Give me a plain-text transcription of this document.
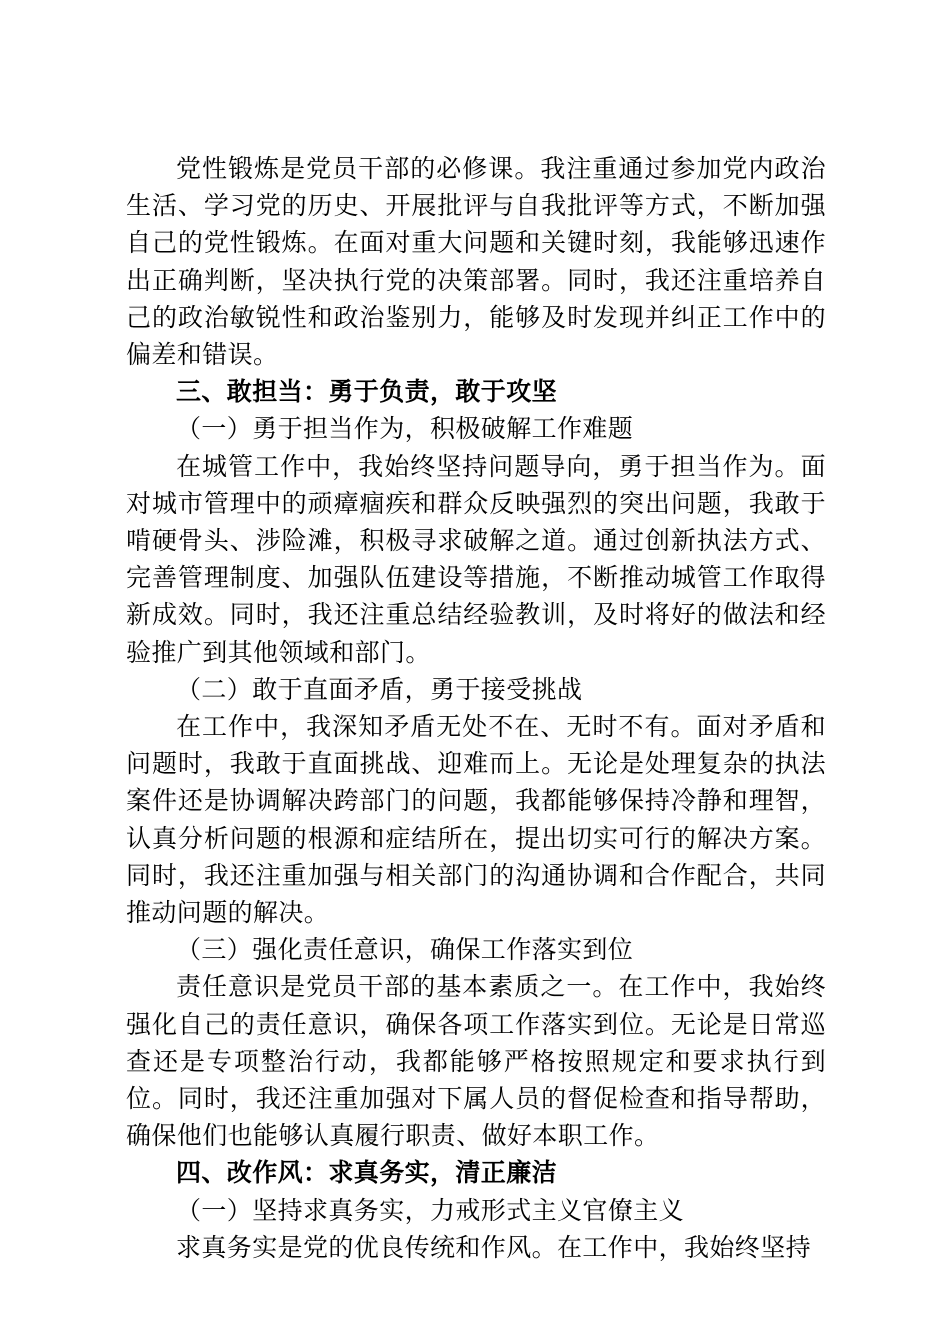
党性锻炼是党员干部的必修课。我注重通过参加党内政治生活、学习党的历史、开展批评与自我批评等方式，不断加强自己的党性锻炼。在面对重大问题和关键时刻，我能够迅速作出正确判断，坚决执行党的决策部署。同时，我还注重培养自己的政治敏锐性和政治鉴别力，能够及时发现并纠正工作中的偏差和错误。

三、敢担当：勇于负责，敢于攻坚

（一）勇于担当作为，积极破解工作难题

在城管工作中，我始终坚持问题导向，勇于担当作为。面对城市管理中的顽瘴痼疾和群众反映强烈的突出问题，我敢于啃硬骨头、涉险滩，积极寻求破解之道。通过创新执法方式、完善管理制度、加强队伍建设等措施，不断推动城管工作取得新成效。同时，我还注重总结经验教训，及时将好的做法和经验推广到其他领域和部门。

（二）敢于直面矛盾，勇于接受挑战

在工作中，我深知矛盾无处不在、无时不有。面对矛盾和问题时，我敢于直面挑战、迎难而上。无论是处理复杂的执法案件还是协调解决跨部门的问题，我都能够保持冷静和理智，认真分析问题的根源和症结所在，提出切实可行的解决方案。同时，我还注重加强与相关部门的沟通协调和合作配合，共同推动问题的解决。

（三）强化责任意识，确保工作落实到位

责任意识是党员干部的基本素质之一。在工作中，我始终强化自己的责任意识，确保各项工作落实到位。无论是日常巡查还是专项整治行动，我都能够严格按照规定和要求执行到位。同时，我还注重加强对下属人员的督促检查和指导帮助，确保他们也能够认真履行职责、做好本职工作。

四、改作风：求真务实，清正廉洁

（一）坚持求真务实，力戒形式主义官僚主义

求真务实是党的优良传统和作风。在工作中，我始终坚持
